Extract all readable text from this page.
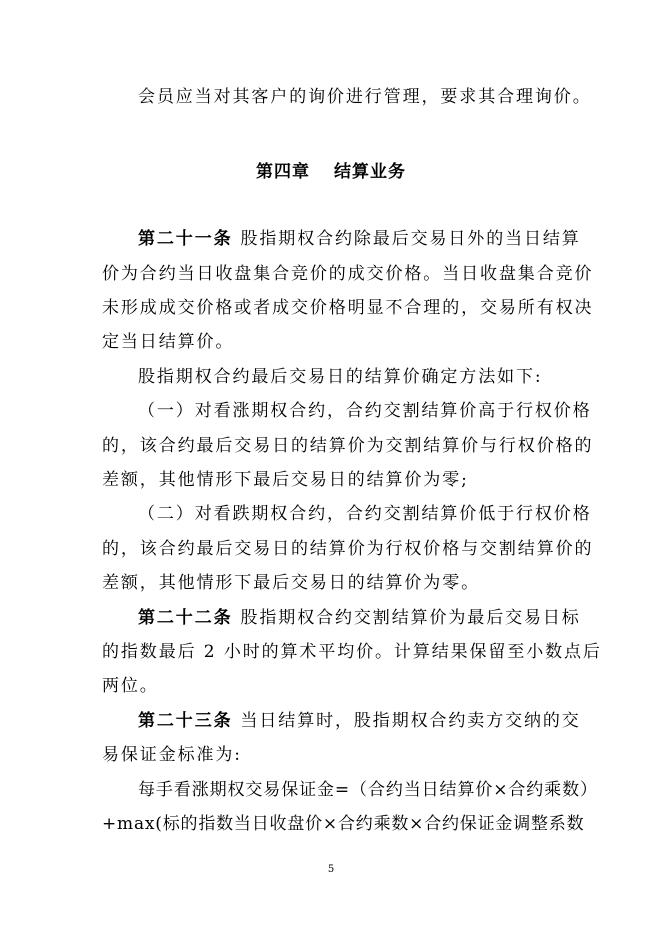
会员应当对其客户的询价进行管理，要求其合理询价。
第四章 结算业务
第二十一条 股指期权合约除最后交易日外的当日结算
价为合约当日收盘集合竞价的成交价格。当日收盘集合竞价
未形成成交价格或者成交价格明显不合理的，交易所有权决
定当日结算价。
股指期权合约最后交易日的结算价确定方法如下:
（一）对看涨期权合约，合约交割结算价高于行权价格
的，该合约最后交易日的结算价为交割结算价与行权价格的
差额，其他情形下最后交易日的结算价为零;
（二）对看跌期权合约，合约交割结算价低于行权价格
的，该合约最后交易日的结算价为行权价格与交割结算价的
差额，其他情形下最后交易日的结算价为零。
第二十二条 股指期权合约交割结算价为最后交易日标
的指数最后 2 小时的算术平均价。计算结果保留至小数点后
两位。
第二十三条 当日结算时，股指期权合约卖方交纳的交
易保证金标准为:
每手看涨期权交易保证金=（合约当日结算价×合约乘数）
+max(标的指数当日收盘价×合约乘数×合约保证金调整系数
5
